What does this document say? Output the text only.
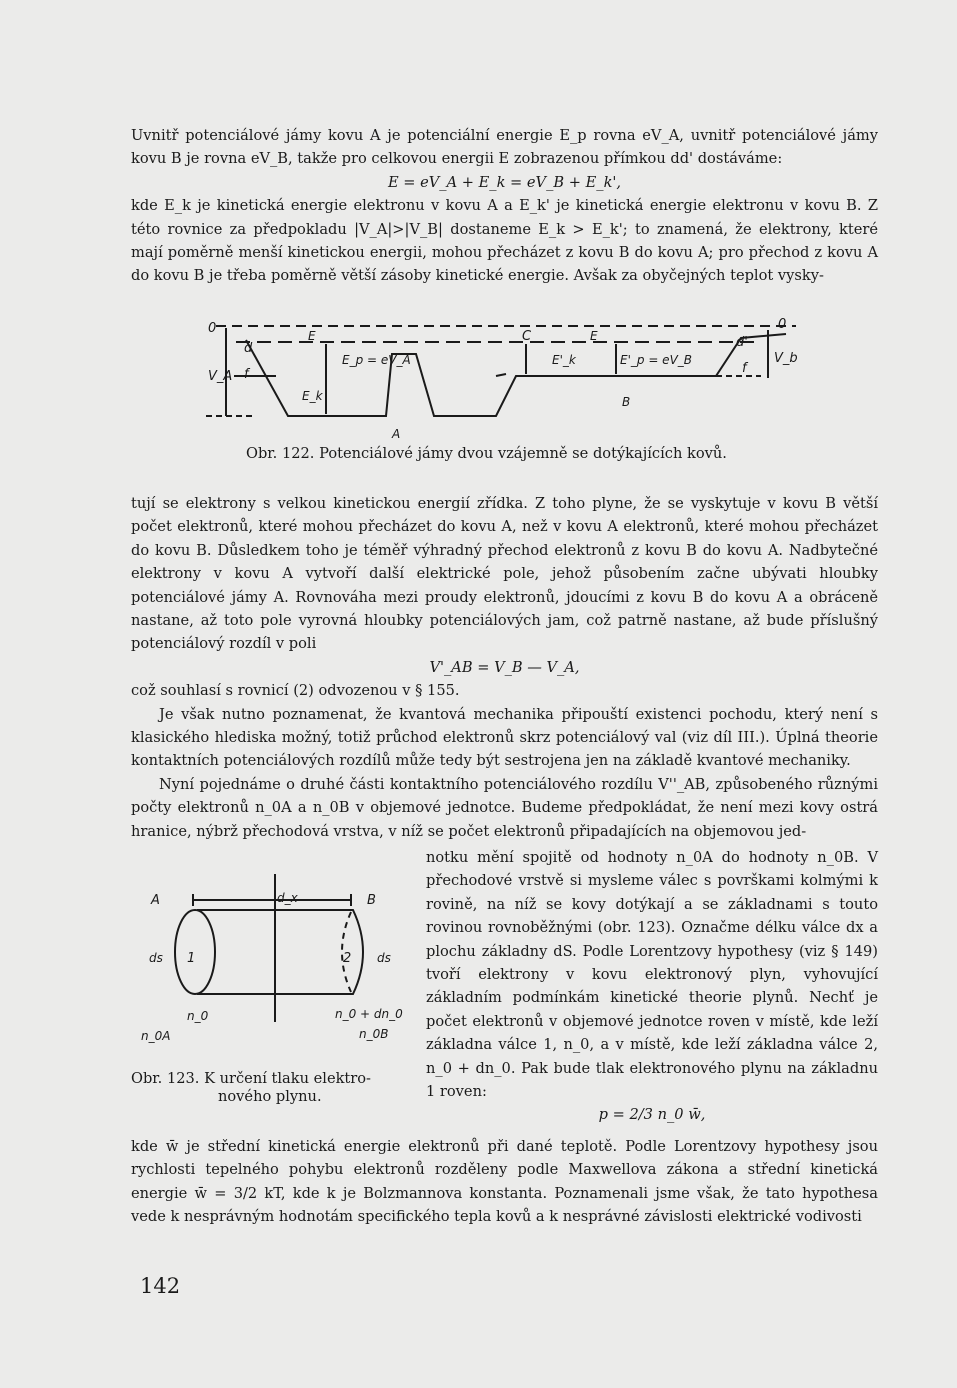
Uvnitř potenciálové jámy kovu A je potenciální energie E_p rovna eV_A, uvnitř potenciálové jámy kovu B je rovna eV_B, takže pro celkovou energii E zobrazenou přímkou dd' dostáváme:

E = eV_A + E_k = eV_B + E_k',

kde E_k je kinetická energie elektronu v kovu A a E_k' je kinetická energie elektronu v kovu B. Z této rovnice za předpokladu |V_A|>|V_B| dostaneme E_k > E_k'; to znamená, že elektrony, které mají poměrně menší kinetickou energii, mohou přecházet z kovu B do kovu A; pro přechod z kovu A do kovu B je třeba poměrně větší zásoby kinetické energie. Avšak za obyčejných teplot vysky-

0	0
d	d'
f	f
V_A
V_b
E
E_k
E_p = eV_A
C	E
E'_k	E'_p = eV_B
A
B
Obr. 122. Potenciálové jámy dvou vzájemně se dotýkajících kovů.

tují se elektrony s velkou kinetickou energií zřídka. Z toho plyne, že se vyskytuje v kovu B větší počet elektronů, které mohou přecházet do kovu A, než v kovu A elektronů, které mohou přecházet do kovu B. Důsledkem toho je téměř výhradný přechod elektronů z kovu B do kovu A. Nadbytečné elektrony v kovu A vytvoří další elektrické pole, jehož působením začne ubývati hloubky potenciálové jámy A. Rovnováha mezi proudy elektronů, jdoucími z kovu B do kovu A a obráceně nastane, až toto pole vyrovná hloubky potenciálových jam, což patrně nastane, až bude příslušný potenciálový rozdíl v poli

V'_AB = V_B — V_A,

což souhlasí s rovnicí (2) odvozenou v § 155.

Je však nutno poznamenat, že kvantová mechanika připouští existenci pochodu, který není s klasického hlediska možný, totiž průchod elektronů skrz potenciálový val (viz díl III.). Úplná theorie kontaktních potenciálových rozdílů může tedy být sestrojena jen na základě kvantové mechaniky.

Nyní pojednáme o druhé části kontaktního potenciálového rozdílu V''_AB, způsobeného různými počty elektronů n_0A a n_0B v objemové jednotce. Budeme předpokládat, že není mezi kovy ostrá hranice, nýbrž přechodová vrstva, v níž se počet elektronů připadajících na objemovou jed-

A	B
d_x
ds	ds
1	2
n_0	n_0 + dn_0
n_0A	n_0B
Obr. 123. K určení tlaku elektro-
nového plynu.

notku mění spojitě od hodnoty n_0A do hodnoty n_0B. V přechodové vrstvě si mysleme válec s površkami kolmými k rovině, na níž se kovy dotýkají a se základnami s touto rovinou rovnoběžnými (obr. 123). Označme délku válce dx a plochu základny dS. Podle Lorentzovy hypothesy (viz § 149) tvoří elektrony v kovu elektronový plyn, vyhovující základním podmínkám kinetické theorie plynů. Nechť je počet elektronů v objemové jednotce roven v místě, kde leží základna válce 1, n_0, a v místě, kde leží základna válce 2, n_0 + dn_0. Pak bude tlak elektronového plynu na základnu 1 roven:

p = 2/3 n_0 w̄,

kde w̄ je střední kinetická energie elektronů při dané teplotě. Podle Lorentzovy hypothesy jsou rychlosti tepelného pohybu elektronů rozděleny podle Maxwellova zákona a střední kinetická energie w̄ = 3/2 kT, kde k je Bolzmannova konstanta. Poznamenali jsme však, že tato hypothesa vede k nesprávným hodnotám specifického tepla kovů a k nesprávné závislosti elektrické vodivosti

142
